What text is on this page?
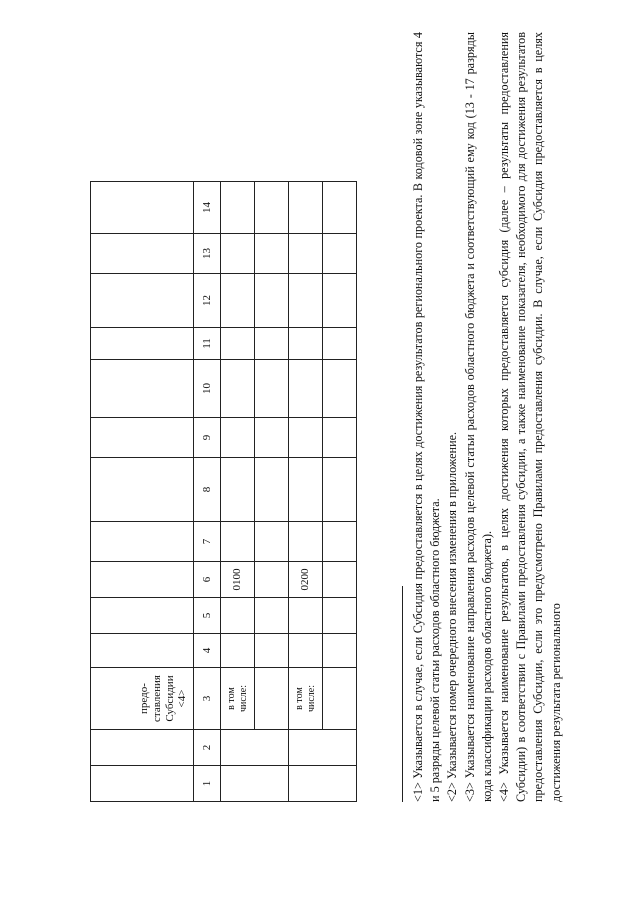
		предо-
ставления
Субсидии
<4>											
1	2	3	4	5	6	7	8	9	10	11	12	13	14
		в том
числе:			0100								

		в том
числе:			0200								
												<1> Указывается в случае, если Субсидия предоставляется в целях достижения результатов регионального проекта. В кодовой зоне указываются 4 и 5 разряды целевой статьи расходов областного бюджета. <2> Указывается номер очередного внесения изменения в приложение. <3> Указывается наименование направления расходов целевой статьи расходов областного бюджета и соответствующий ему код (13 - 17 разряды кода классификации расходов областного бюджета). <4> Указывается наименование результатов, в целях достижения которых предоставляется субсидия (далее – результаты предоставления Субсидии) в соответствии с Правилами предоставления субсидии, а также наименование показателя, необходимого для достижения результатов предоставления Субсидии, если это предусмотрено Правилами предоставления субсидии. В случае, если Субсидия предоставляется в целях достижения результата регионального
